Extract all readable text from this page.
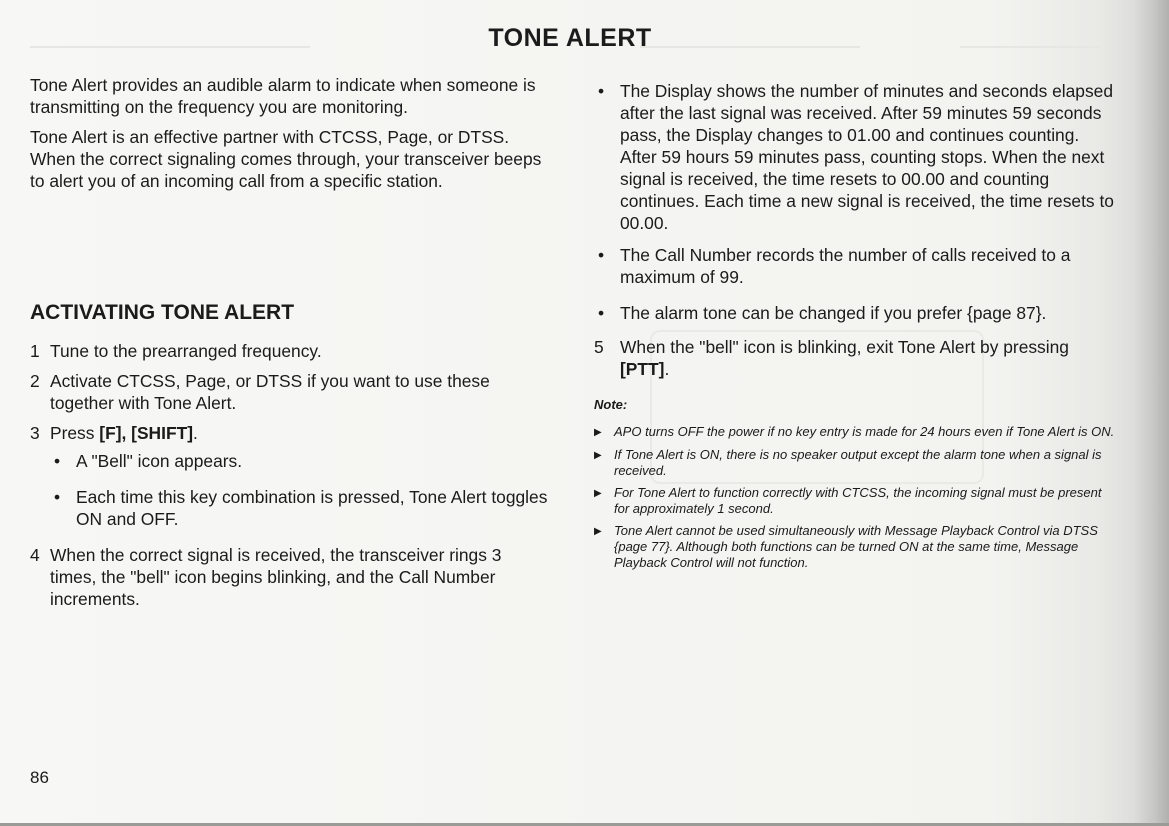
TONE ALERT

Tone Alert provides an audible alarm to indicate when someone is transmitting on the frequency you are monitoring.

Tone Alert is an effective partner with CTCSS, Page, or DTSS. When the correct signaling comes through, your transceiver beeps to alert you of an incoming call from a specific station.

ACTIVATING TONE ALERT
1 Tune to the prearranged frequency.
2 Activate CTCSS, Page, or DTSS if you want to use these together with Tone Alert.
3 Press [F], [SHIFT].
• A "Bell" icon appears.
• Each time this key combination is pressed, Tone Alert toggles ON and OFF.
4 When the correct signal is received, the transceiver rings 3 times, the "bell" icon begins blinking, and the Call Number increments.
• The Display shows the number of minutes and seconds elapsed after the last signal was received. After 59 minutes 59 seconds pass, the Display changes to 01.00 and continues counting. After 59 hours 59 minutes pass, counting stops. When the next signal is received, the time resets to 00.00 and counting continues. Each time a new signal is received, the time resets to 00.00.
• The Call Number records the number of calls received to a maximum of 99.
• The alarm tone can be changed if you prefer {page 87}.
5 When the "bell" icon is blinking, exit Tone Alert by pressing [PTT].
Note:
▶ APO turns OFF the power if no key entry is made for 24 hours even if Tone Alert is ON.
▶ If Tone Alert is ON, there is no speaker output except the alarm tone when a signal is received.
▶ For Tone Alert to function correctly with CTCSS, the incoming signal must be present for approximately 1 second.
▶ Tone Alert cannot be used simultaneously with Message Playback Control via DTSS {page 77}. Although both functions can be turned ON at the same time, Message Playback Control will not function.
86
